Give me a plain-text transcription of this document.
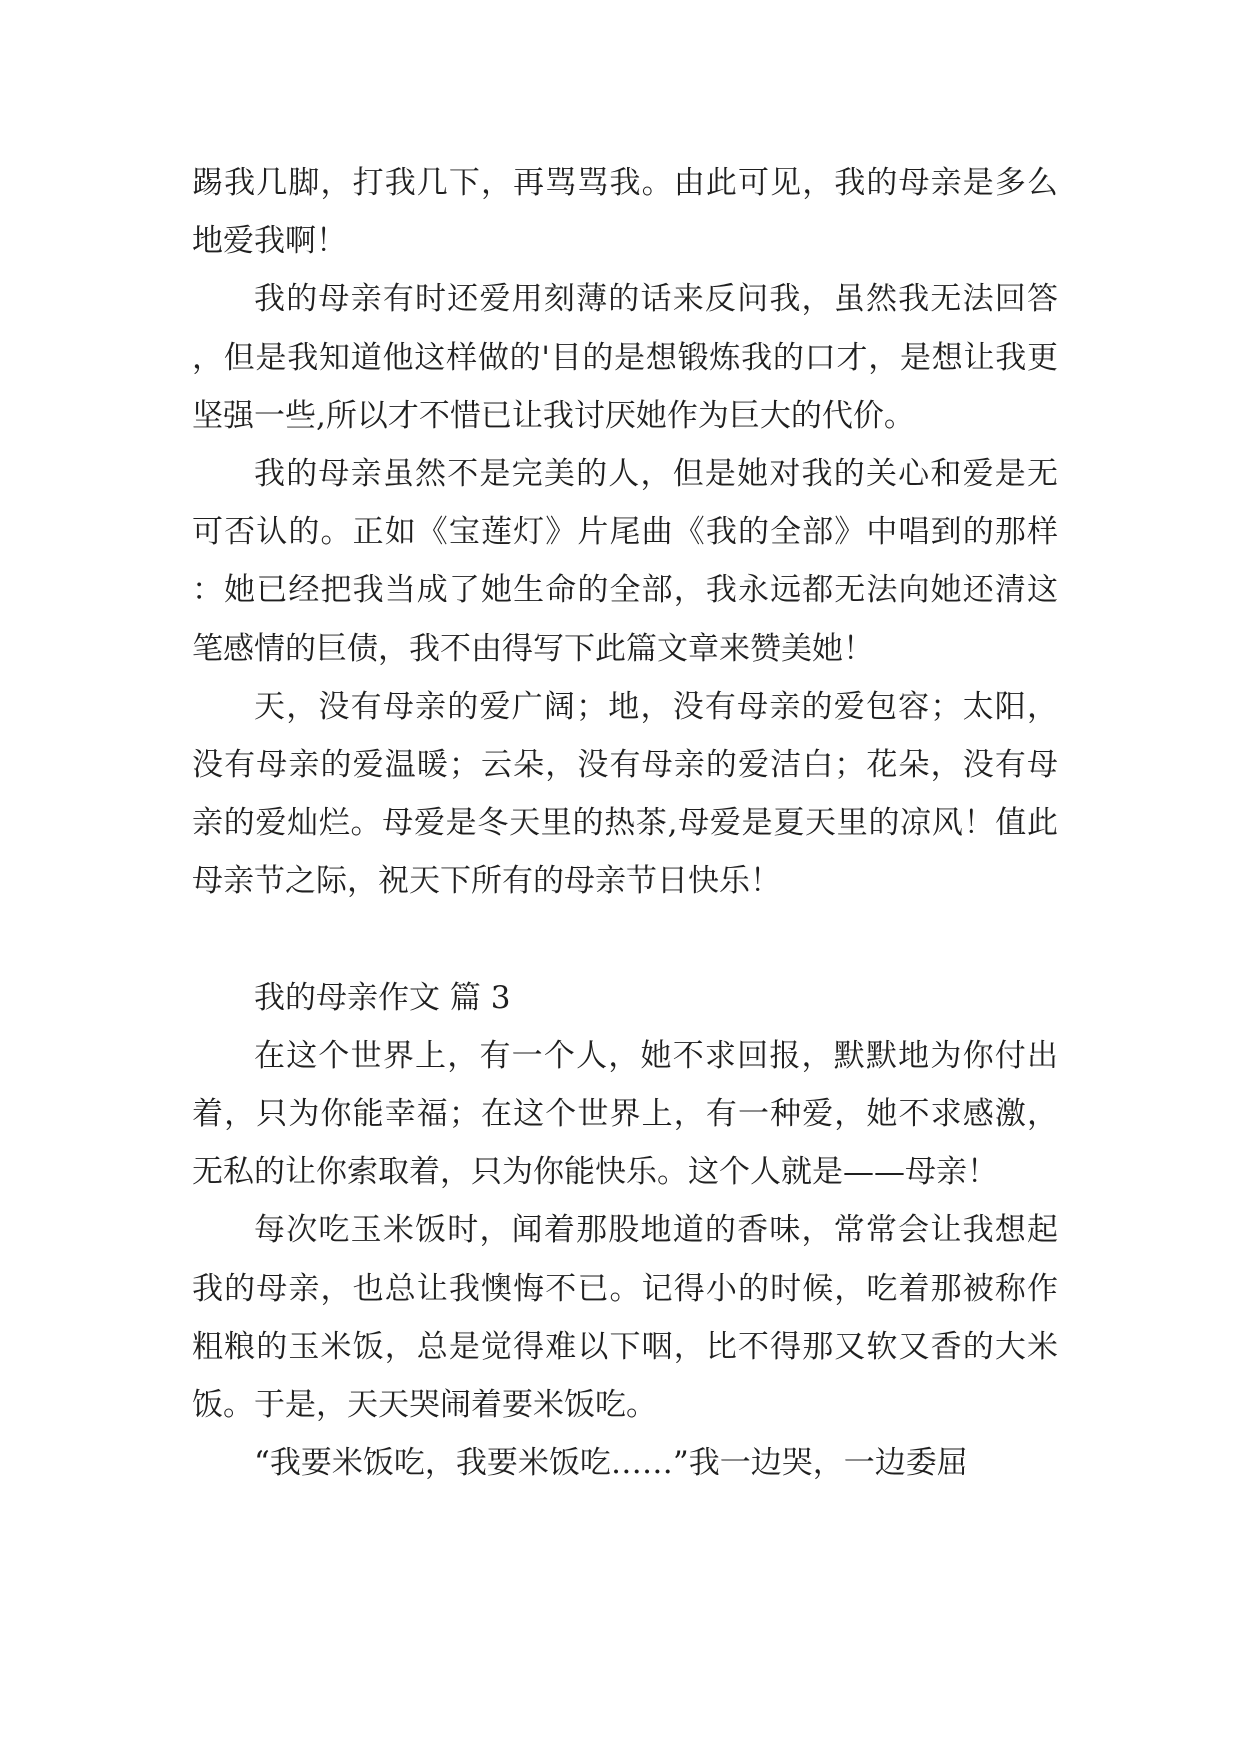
踢我几脚，打我几下，再骂骂我。由此可见，我的母亲是多么地爱我啊！

我的母亲有时还爱用刻薄的话来反问我，虽然我无法回答，但是我知道他这样做的'目的是想锻炼我的口才，是想让我更坚强一些,所以才不惜已让我讨厌她作为巨大的代价。

我的母亲虽然不是完美的人，但是她对我的关心和爱是无可否认的。正如《宝莲灯》片尾曲《我的全部》中唱到的那样：她已经把我当成了她生命的全部，我永远都无法向她还清这笔感情的巨债，我不由得写下此篇文章来赞美她！

天，没有母亲的爱广阔；地，没有母亲的爱包容；太阳，没有母亲的爱温暖；云朵，没有母亲的爱洁白；花朵，没有母亲的爱灿烂。母爱是冬天里的热茶,母爱是夏天里的凉风！值此母亲节之际，祝天下所有的母亲节日快乐！

我的母亲作文 篇 3

在这个世界上，有一个人，她不求回报，默默地为你付出着，只为你能幸福；在这个世界上，有一种爱，她不求感激，无私的让你索取着，只为你能快乐。这个人就是——母亲！

每次吃玉米饭时，闻着那股地道的香味，常常会让我想起我的母亲，也总让我懊悔不已。记得小的时候，吃着那被称作粗粮的玉米饭，总是觉得难以下咽，比不得那又软又香的大米饭。于是，天天哭闹着要米饭吃。

“我要米饭吃，我要米饭吃……”我一边哭，一边委屈
